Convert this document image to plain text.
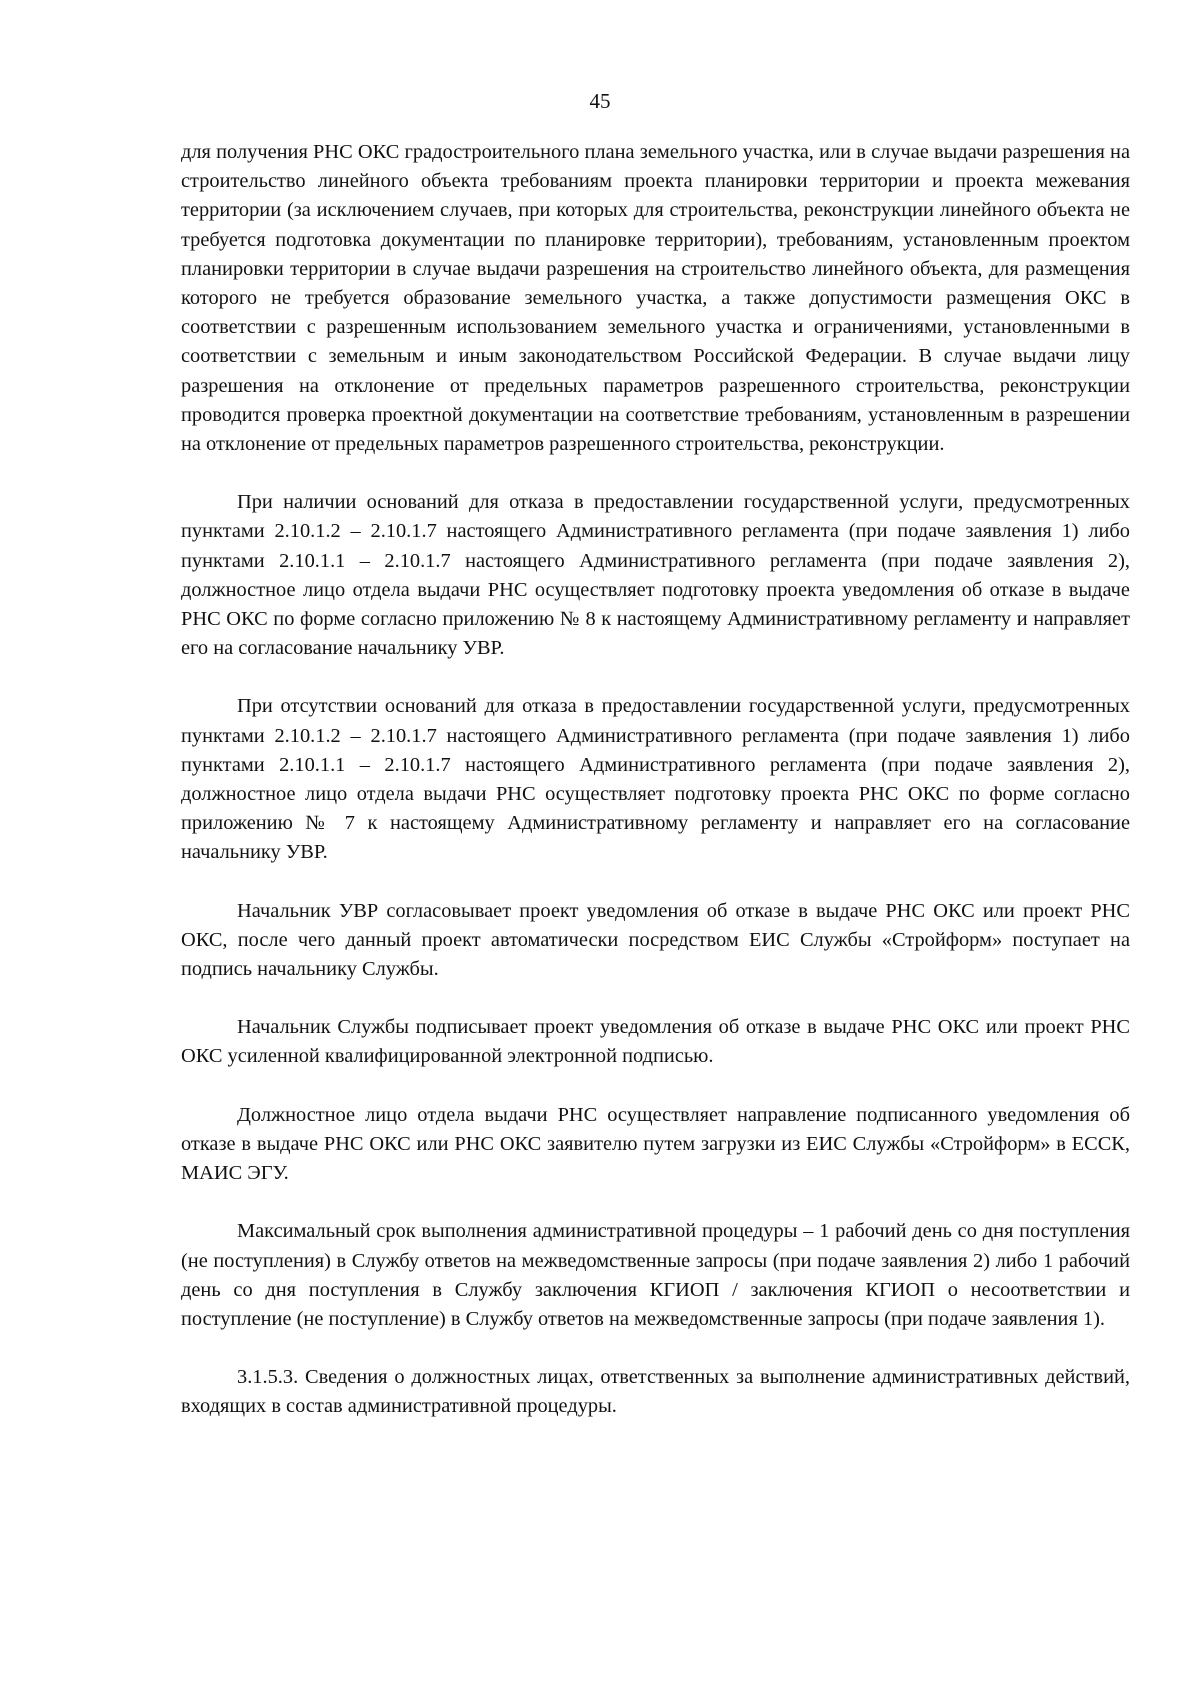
45

для получения РНС ОКС градостроительного плана земельного участка, или в случае выдачи разрешения на строительство линейного объекта требованиям проекта планировки территории и проекта межевания территории (за исключением случаев, при которых для строительства, реконструкции линейного объекта не требуется подготовка документации по планировке территории), требованиям, установленным проектом планировки территории в случае выдачи разрешения на строительство линейного объекта, для размещения которого не требуется образование земельного участка, а также допустимости размещения ОКС в соответствии с разрешенным использованием земельного участка и ограничениями, установленными в соответствии с земельным и иным законодательством Российской Федерации. В случае выдачи лицу разрешения на отклонение от предельных параметров разрешенного строительства, реконструкции проводится проверка проектной документации на соответствие требованиям, установленным в разрешении на отклонение от предельных параметров разрешенного строительства, реконструкции.

При наличии оснований для отказа в предоставлении государственной услуги, предусмотренных пунктами 2.10.1.2 – 2.10.1.7 настоящего Административного регламента (при подаче заявления 1) либо пунктами 2.10.1.1 – 2.10.1.7 настоящего Административного регламента (при подаче заявления 2), должностное лицо отдела выдачи РНС осуществляет подготовку проекта уведомления об отказе в выдаче РНС ОКС по форме согласно приложению № 8 к настоящему Административному регламенту и направляет его на согласование начальнику УВР.

При отсутствии оснований для отказа в предоставлении государственной услуги, предусмотренных пунктами 2.10.1.2 – 2.10.1.7 настоящего Административного регламента (при подаче заявления 1) либо пунктами 2.10.1.1 – 2.10.1.7 настоящего Административного регламента (при подаче заявления 2), должностное лицо отдела выдачи РНС осуществляет подготовку проекта РНС ОКС по форме согласно приложению № 7 к настоящему Административному регламенту и направляет его на согласование начальнику УВР.

Начальник УВР согласовывает проект уведомления об отказе в выдаче РНС ОКС или проект РНС ОКС, после чего данный проект автоматически посредством ЕИС Службы «Стройформ» поступает на подпись начальнику Службы.

Начальник Службы подписывает проект уведомления об отказе в выдаче РНС ОКС или проект РНС ОКС усиленной квалифицированной электронной подписью.

Должностное лицо отдела выдачи РНС осуществляет направление подписанного уведомления об отказе в выдаче РНС ОКС или РНС ОКС заявителю путем загрузки из ЕИС Службы «Стройформ» в ЕССК, МАИС ЭГУ.

Максимальный срок выполнения административной процедуры – 1 рабочий день со дня поступления (не поступления) в Службу ответов на межведомственные запросы (при подаче заявления 2) либо 1 рабочий день со дня поступления в Службу заключения КГИОП / заключения КГИОП о несоответствии и поступление (не поступление) в Службу ответов на межведомственные запросы (при подаче заявления 1).

3.1.5.3. Сведения о должностных лицах, ответственных за выполнение административных действий, входящих в состав административной процедуры.
